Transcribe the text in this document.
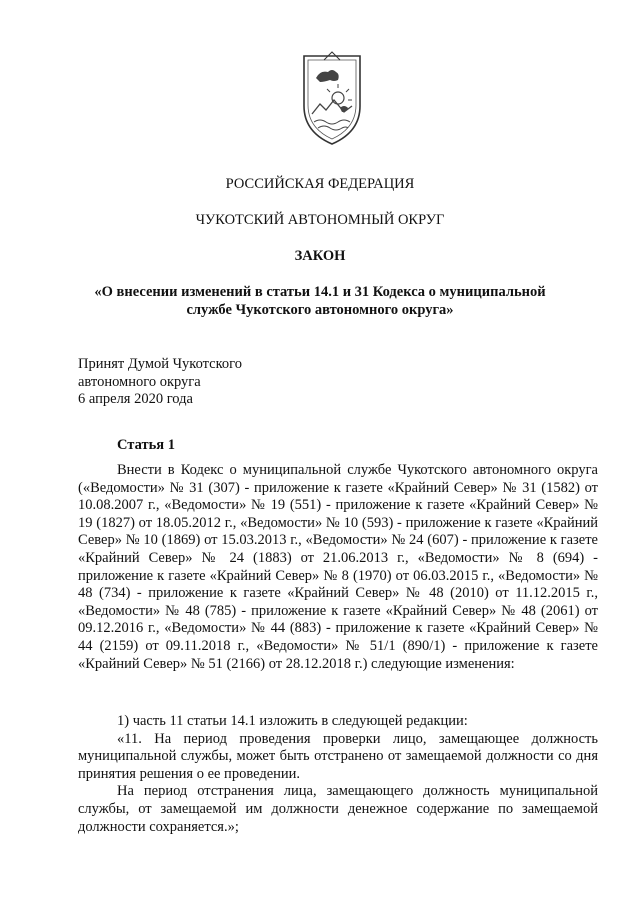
РОССИЙСКАЯ ФЕДЕРАЦИЯ
ЧУКОТСКИЙ АВТОНОМНЫЙ ОКРУГ
ЗАКОН
«О внесении изменений в статьи 14.1 и 31 Кодекса о муниципальной
службе Чукотского автономного округа»
Принят Думой Чукотского
автономного округа
6 апреля 2020 года
Статья 1

Внести в Кодекс о муниципальной службе Чукотского автономного округа («Ведомости» № 31 (307) - приложение к газете «Крайний Север» № 31 (1582) от 10.08.2007 г., «Ведомости» № 19 (551) - приложение к газете «Крайний Север» № 19 (1827) от 18.05.2012 г., «Ведомости» № 10 (593) - приложение к газете «Крайний Север» № 10 (1869) от 15.03.2013 г., «Ведомости» № 24 (607) - приложение к газете «Крайний Север» № 24 (1883) от 21.06.2013 г., «Ведомости» № 8 (694) - приложение к газете «Крайний Север» № 8 (1970) от 06.03.2015 г., «Ведомости» № 48 (734) - приложение к газете «Крайний Север» № 48 (2010) от 11.12.2015 г., «Ведомости» № 48 (785) - приложение к газете «Крайний Север» № 48 (2061) от 09.12.2016 г., «Ведомости» № 44 (883) - приложение к газете «Крайний Север» № 44 (2159) от 09.11.2018 г., «Ведомости» № 51/1 (890/1) - приложение к газете «Крайний Север» № 51 (2166) от 28.12.2018 г.) следующие изменения:

1) часть 11 статьи 14.1 изложить в следующей редакции:

«11. На период проведения проверки лицо, замещающее должность муниципальной службы, может быть отстранено от замещаемой должности со дня принятия решения о ее проведении.

На период отстранения лица, замещающего должность муниципальной службы, от замещаемой им должности денежное содержание по замещаемой должности сохраняется.»;
